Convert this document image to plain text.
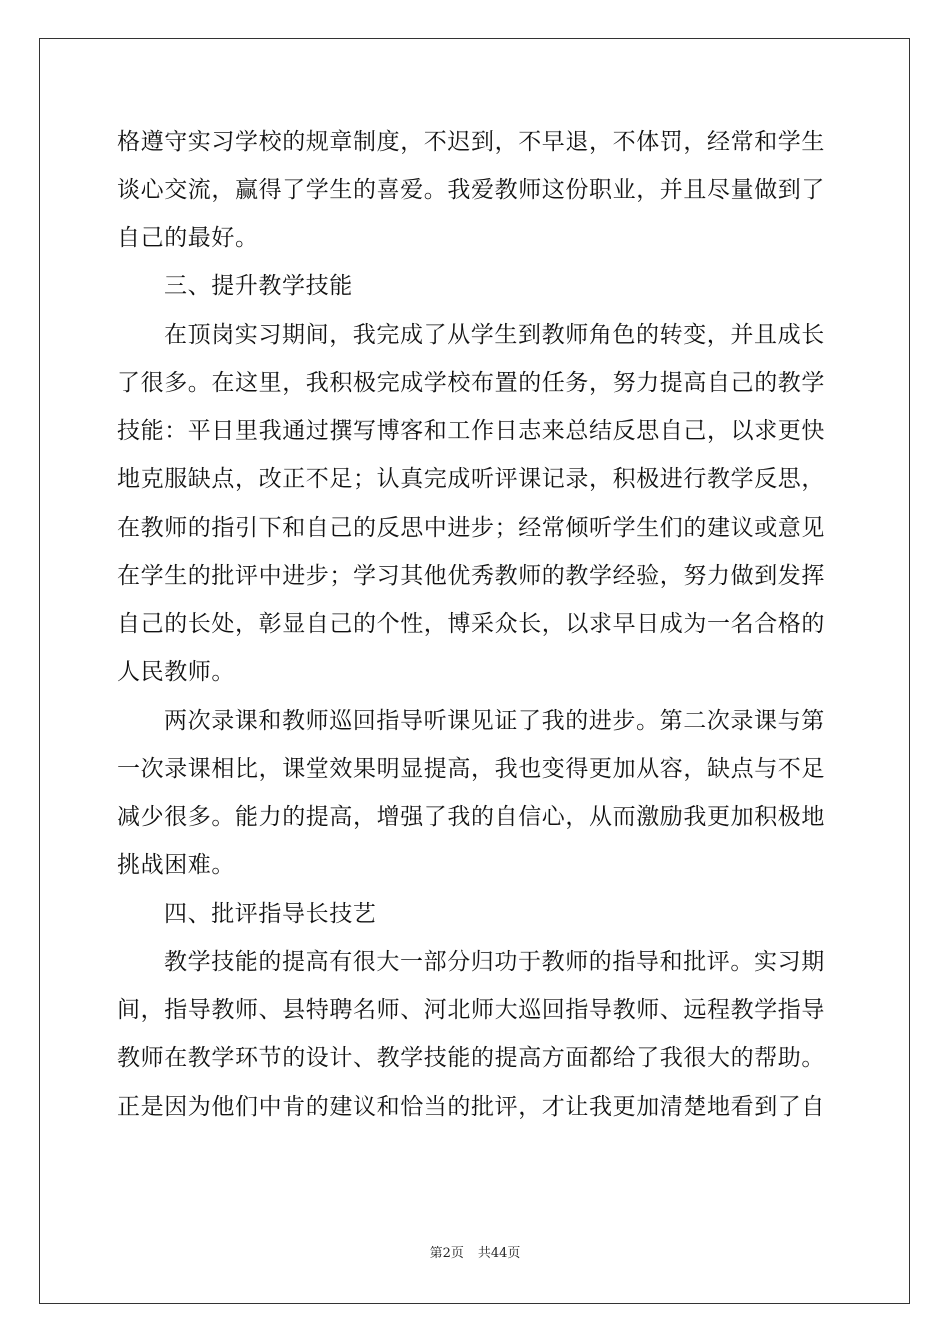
格遵守实习学校的规章制度，不迟到，不早退，不体罚，经常和学生
谈心交流，赢得了学生的喜爱。我爱教师这份职业，并且尽量做到了
自己的最好。
三、提升教学技能
在顶岗实习期间，我完成了从学生到教师角色的转变，并且成长
了很多。在这里，我积极完成学校布置的任务，努力提高自己的教学
技能：平日里我通过撰写博客和工作日志来总结反思自己，以求更快
地克服缺点，改正不足；认真完成听评课记录，积极进行教学反思，
在教师的指引下和自己的反思中进步；经常倾听学生们的建议或意见
在学生的批评中进步；学习其他优秀教师的教学经验，努力做到发挥
自己的长处，彰显自己的个性，博采众长，以求早日成为一名合格的
人民教师。
两次录课和教师巡回指导听课见证了我的进步。第二次录课与第
一次录课相比，课堂效果明显提高，我也变得更加从容，缺点与不足
减少很多。能力的提高，增强了我的自信心，从而激励我更加积极地
挑战困难。
四、批评指导长技艺
教学技能的提高有很大一部分归功于教师的指导和批评。实习期
间，指导教师、县特聘名师、河北师大巡回指导教师、远程教学指导
教师在教学环节的设计、教学技能的提高方面都给了我很大的帮助。
正是因为他们中肯的建议和恰当的批评，才让我更加清楚地看到了自
第2页 共44页
